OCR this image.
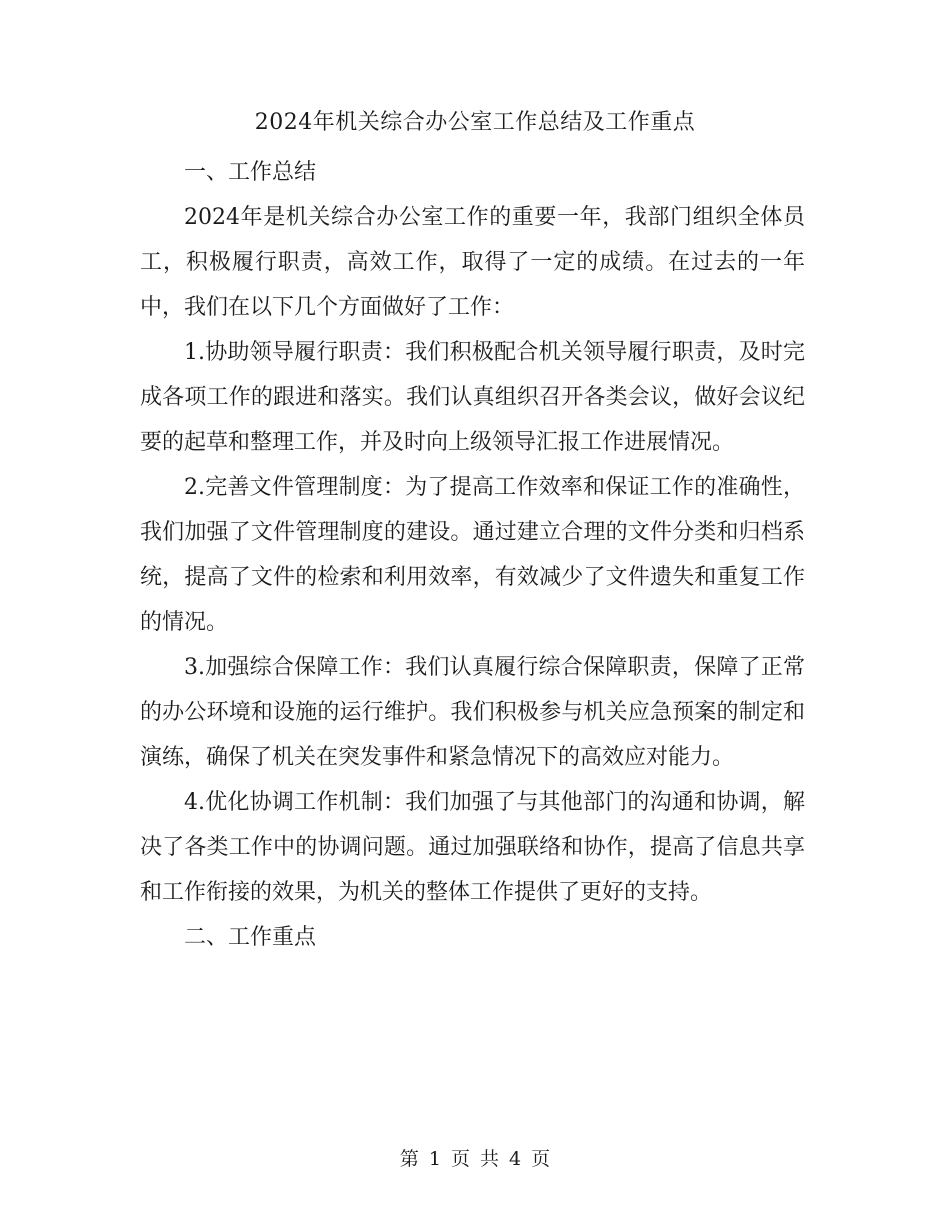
2024年机关综合办公室工作总结及工作重点

一、工作总结

2024年是机关综合办公室工作的重要一年，我部门组织全体员工，积极履行职责，高效工作，取得了一定的成绩。在过去的一年中，我们在以下几个方面做好了工作：

1.协助领导履行职责：我们积极配合机关领导履行职责，及时完成各项工作的跟进和落实。我们认真组织召开各类会议，做好会议纪要的起草和整理工作，并及时向上级领导汇报工作进展情况。

2.完善文件管理制度：为了提高工作效率和保证工作的准确性，我们加强了文件管理制度的建设。通过建立合理的文件分类和归档系统，提高了文件的检索和利用效率，有效减少了文件遗失和重复工作的情况。

3.加强综合保障工作：我们认真履行综合保障职责，保障了正常的办公环境和设施的运行维护。我们积极参与机关应急预案的制定和演练，确保了机关在突发事件和紧急情况下的高效应对能力。

4.优化协调工作机制：我们加强了与其他部门的沟通和协调，解决了各类工作中的协调问题。通过加强联络和协作，提高了信息共享和工作衔接的效果，为机关的整体工作提供了更好的支持。

二、工作重点

第 1 页 共 4 页
